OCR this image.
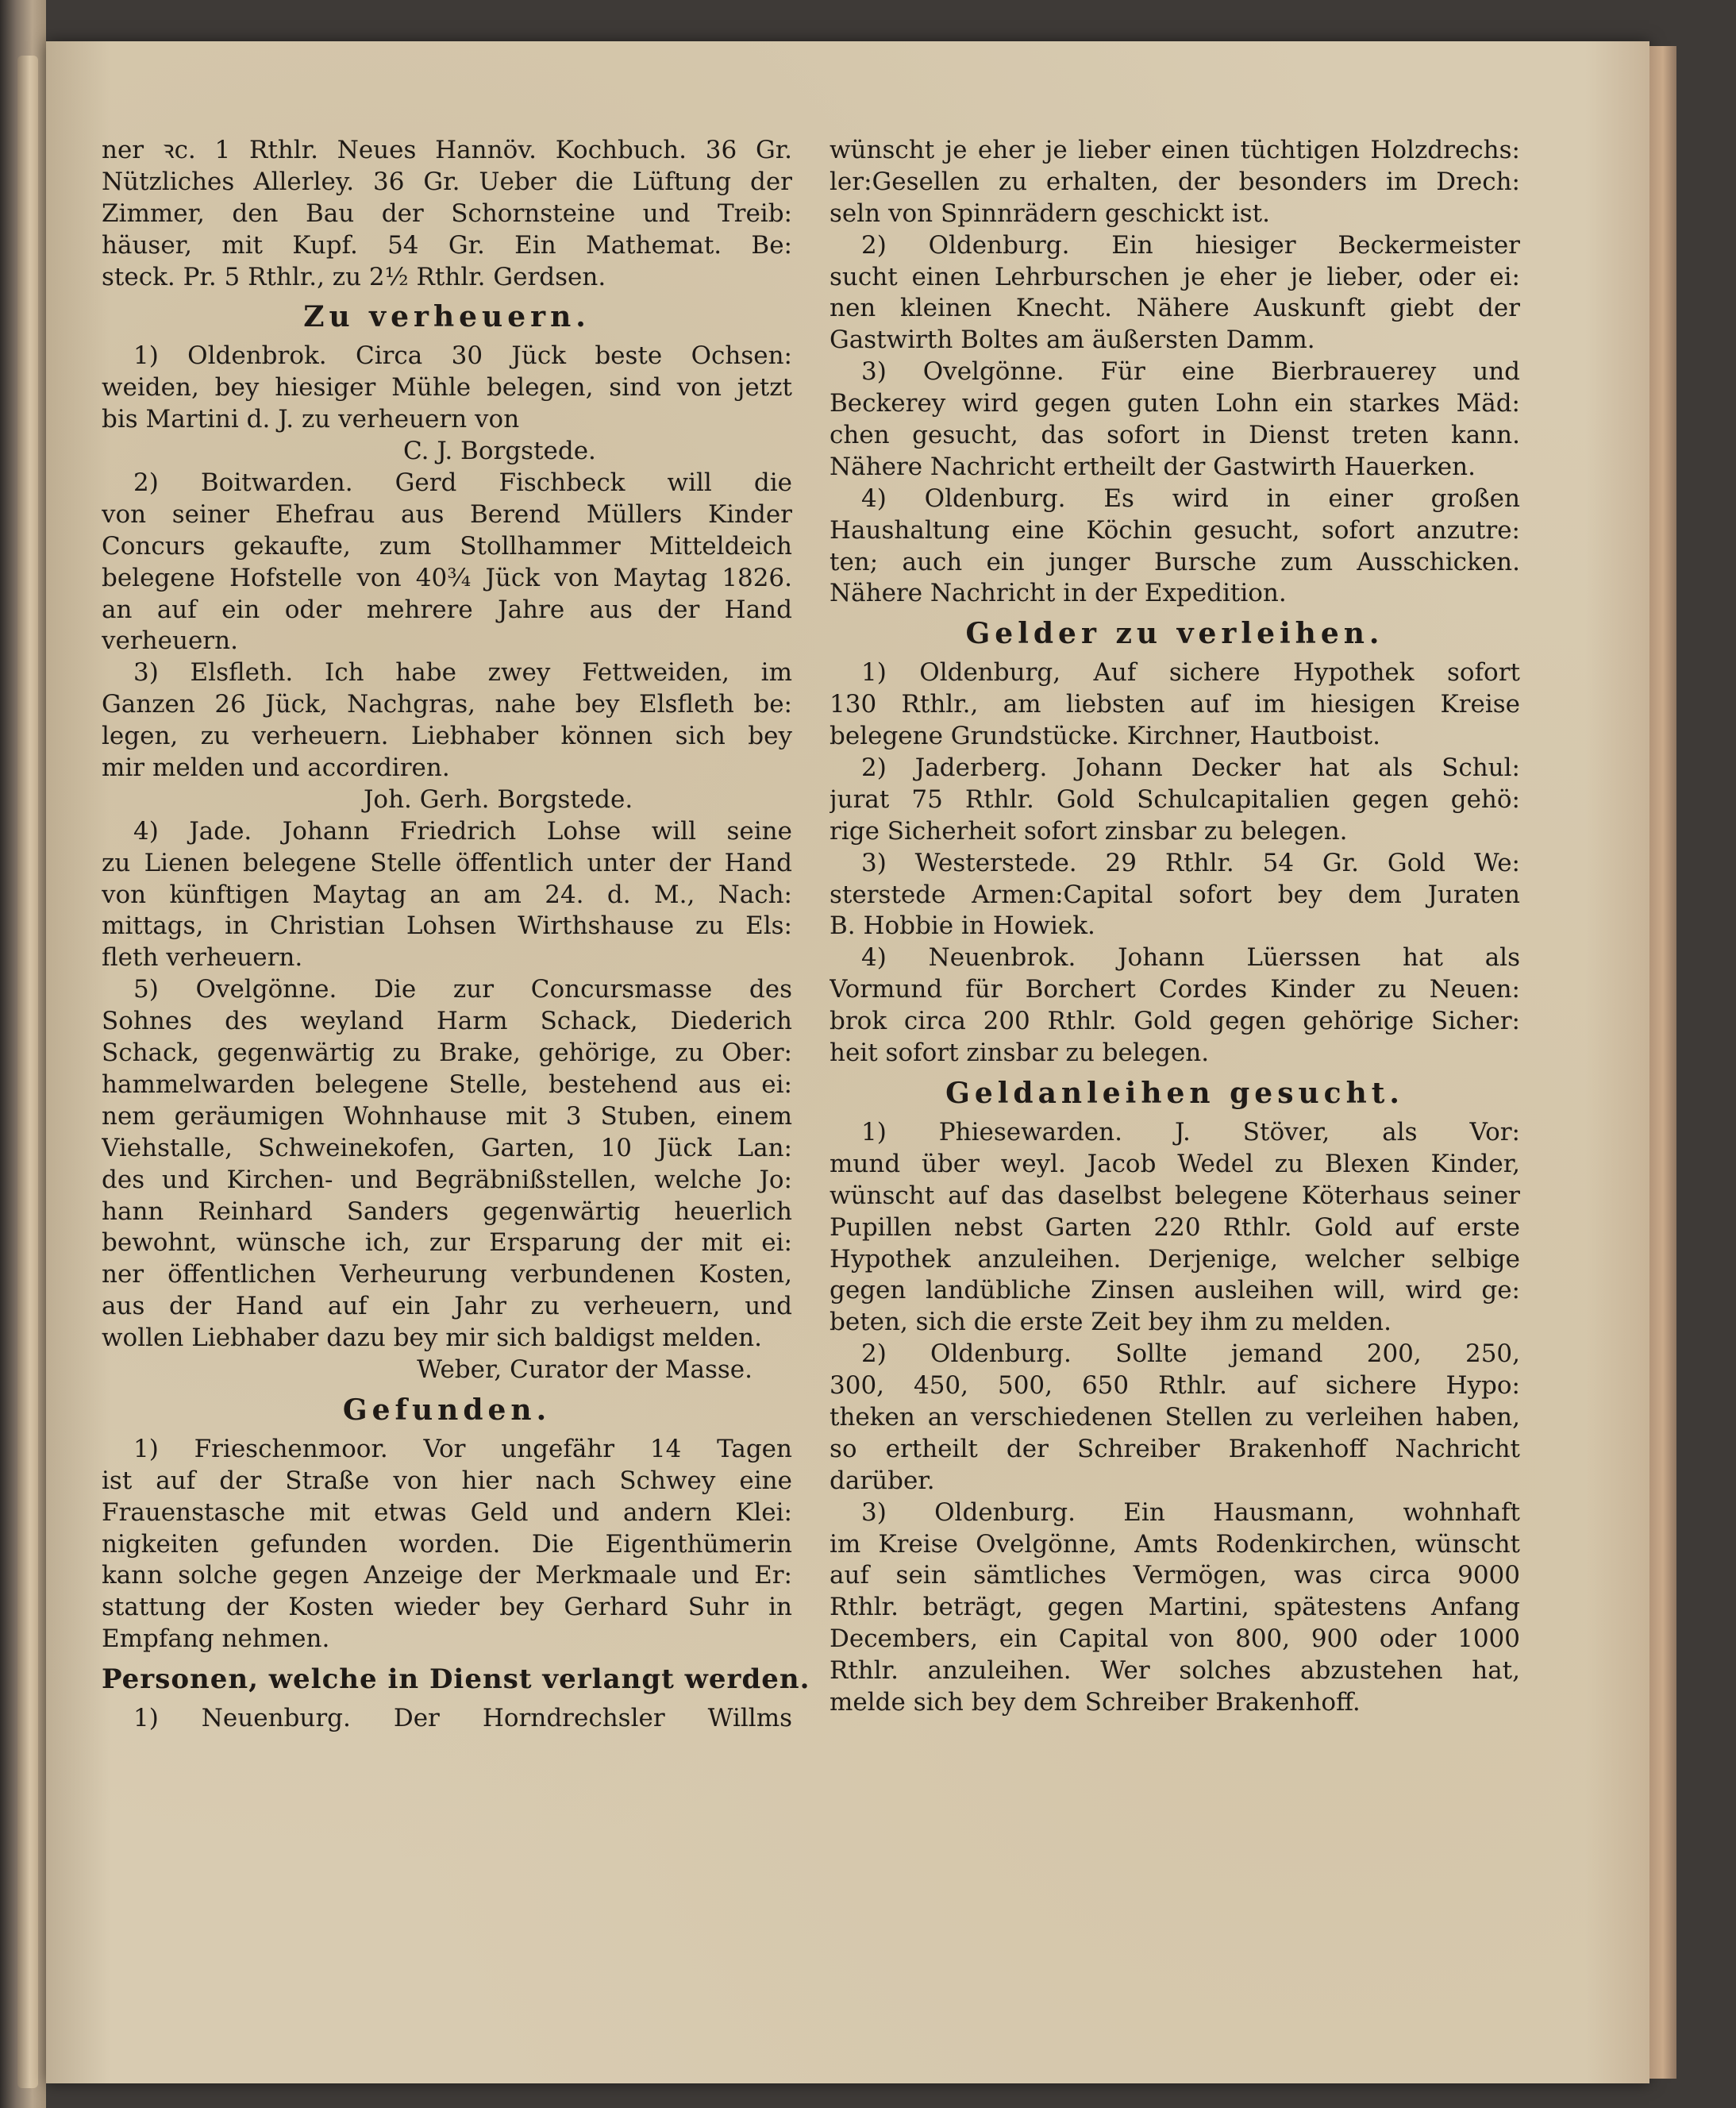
ner ꝛc. 1 Rthlr. Neues Hannöv. Kochbuch. 36 Gr.
Nützliches Allerley. 36 Gr. Ueber die Lüftung der
Zimmer, den Bau der Schornsteine und Treib:
häuser, mit Kupf. 54 Gr. Ein Mathemat. Be:
steck. Pr. 5 Rthlr., zu 2½ Rthlr. Gerdsen.
Zu verheuern.
1) Oldenbrok. Circa 30 Jück beste Ochsen:
weiden, bey hiesiger Mühle belegen, sind von jetzt
bis Martini d. J. zu verheuern von
C. J. Borgstede.
2) Boitwarden. Gerd Fischbeck will die
von seiner Ehefrau aus Berend Müllers Kinder
Concurs gekaufte, zum Stollhammer Mitteldeich
belegene Hofstelle von 40¾ Jück von Maytag 1826.
an auf ein oder mehrere Jahre aus der Hand
verheuern.
3) Elsfleth. Ich habe zwey Fettweiden, im
Ganzen 26 Jück, Nachgras, nahe bey Elsfleth be:
legen, zu verheuern. Liebhaber können sich bey
mir melden und accordiren.
Joh. Gerh. Borgstede.
4) Jade. Johann Friedrich Lohse will seine
zu Lienen belegene Stelle öffentlich unter der Hand
von künftigen Maytag an am 24. d. M., Nach:
mittags, in Christian Lohsen Wirthshause zu Els:
fleth verheuern.
5) Ovelgönne. Die zur Concursmasse des
Sohnes des weyland Harm Schack, Diederich
Schack, gegenwärtig zu Brake, gehörige, zu Ober:
hammelwarden belegene Stelle, bestehend aus ei:
nem geräumigen Wohnhause mit 3 Stuben, einem
Viehstalle, Schweinekofen, Garten, 10 Jück Lan:
des und Kirchen- und Begräbnißstellen, welche Jo:
hann Reinhard Sanders gegenwärtig heuerlich
bewohnt, wünsche ich, zur Ersparung der mit ei:
ner öffentlichen Verheurung verbundenen Kosten,
aus der Hand auf ein Jahr zu verheuern, und
wollen Liebhaber dazu bey mir sich baldigst melden.
Weber, Curator der Masse.
Gefunden.
1) Frieschenmoor. Vor ungefähr 14 Tagen
ist auf der Straße von hier nach Schwey eine
Frauenstasche mit etwas Geld und andern Klei:
nigkeiten gefunden worden. Die Eigenthümerin
kann solche gegen Anzeige der Merkmaale und Er:
stattung der Kosten wieder bey Gerhard Suhr in
Empfang nehmen.
Personen, welche in Dienst verlangt werden.
1) Neuenburg. Der Horndrechsler Willms
wünscht je eher je lieber einen tüchtigen Holzdrechs:
ler:Gesellen zu erhalten, der besonders im Drech:
seln von Spinnrädern geschickt ist.
2) Oldenburg. Ein hiesiger Beckermeister
sucht einen Lehrburschen je eher je lieber, oder ei:
nen kleinen Knecht. Nähere Auskunft giebt der
Gastwirth Boltes am äußersten Damm.
3) Ovelgönne. Für eine Bierbrauerey und
Beckerey wird gegen guten Lohn ein starkes Mäd:
chen gesucht, das sofort in Dienst treten kann.
Nähere Nachricht ertheilt der Gastwirth Hauerken.
4) Oldenburg. Es wird in einer großen
Haushaltung eine Köchin gesucht, sofort anzutre:
ten; auch ein junger Bursche zum Ausschicken.
Nähere Nachricht in der Expedition.
Gelder zu verleihen.
1) Oldenburg, Auf sichere Hypothek sofort
130 Rthlr., am liebsten auf im hiesigen Kreise
belegene Grundstücke. Kirchner, Hautboist.
2) Jaderberg. Johann Decker hat als Schul:
jurat 75 Rthlr. Gold Schulcapitalien gegen gehö:
rige Sicherheit sofort zinsbar zu belegen.
3) Westerstede. 29 Rthlr. 54 Gr. Gold We:
sterstede Armen:Capital sofort bey dem Juraten
B. Hobbie in Howiek.
4) Neuenbrok. Johann Lüerssen hat als
Vormund für Borchert Cordes Kinder zu Neuen:
brok circa 200 Rthlr. Gold gegen gehörige Sicher:
heit sofort zinsbar zu belegen.
Geldanleihen gesucht.
1) Phiesewarden. J. Stöver, als Vor:
mund über weyl. Jacob Wedel zu Blexen Kinder,
wünscht auf das daselbst belegene Köterhaus seiner
Pupillen nebst Garten 220 Rthlr. Gold auf erste
Hypothek anzuleihen. Derjenige, welcher selbige
gegen landübliche Zinsen ausleihen will, wird ge:
beten, sich die erste Zeit bey ihm zu melden.
2) Oldenburg. Sollte jemand 200, 250,
300, 450, 500, 650 Rthlr. auf sichere Hypo:
theken an verschiedenen Stellen zu verleihen haben,
so ertheilt der Schreiber Brakenhoff Nachricht
darüber.
3) Oldenburg. Ein Hausmann, wohnhaft
im Kreise Ovelgönne, Amts Rodenkirchen, wünscht
auf sein sämtliches Vermögen, was circa 9000
Rthlr. beträgt, gegen Martini, spätestens Anfang
Decembers, ein Capital von 800, 900 oder 1000
Rthlr. anzuleihen. Wer solches abzustehen hat,
melde sich bey dem Schreiber Brakenhoff.
